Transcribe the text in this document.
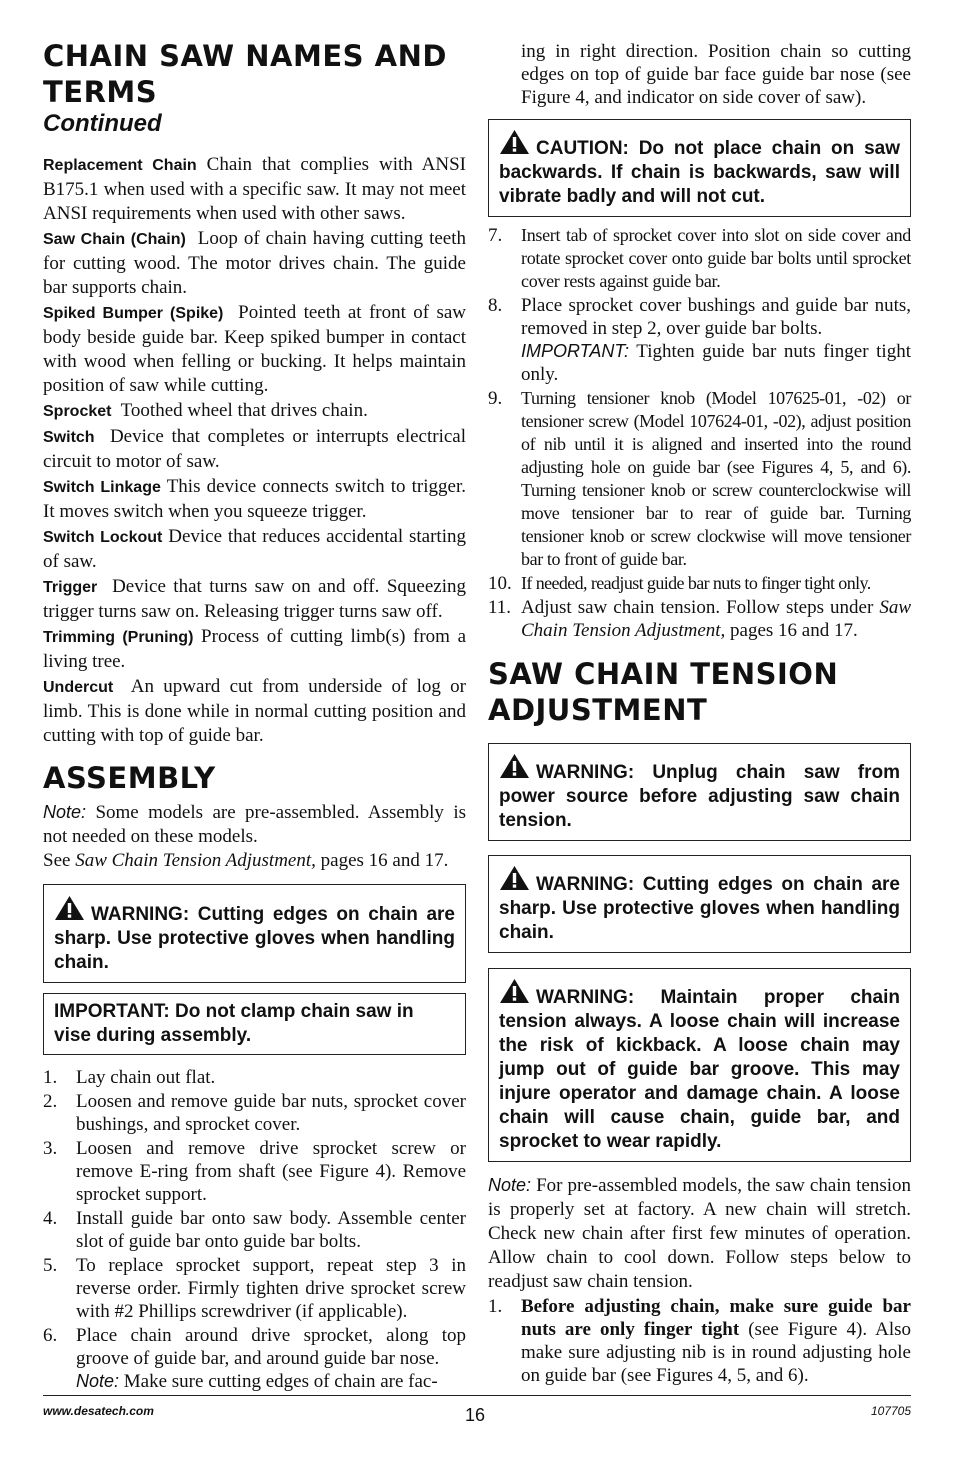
CHAIN SAW NAMES AND TERMS
Continued

Replacement Chain Chain that complies with ANSI B175.1 when used with a specific saw. It may not meet ANSI requirements when used with other saws.

Saw Chain (Chain) Loop of chain having cutting teeth for cutting wood. The motor drives chain. The guide bar supports chain.

Spiked Bumper (Spike) Pointed teeth at front of saw body beside guide bar. Keep spiked bumper in contact with wood when felling or bucking. It helps maintain position of saw while cutting.

Sprocket Toothed wheel that drives chain.

Switch Device that completes or interrupts electrical circuit to motor of saw.

Switch Linkage This device connects switch to trigger. It moves switch when you squeeze trigger.

Switch Lockout Device that reduces accidental starting of saw.

Trigger Device that turns saw on and off. Squeezing trigger turns saw on. Releasing trigger turns saw off.

Trimming (Pruning) Process of cutting limb(s) from a living tree.

Undercut An upward cut from underside of log or limb. This is done while in normal cutting position and cutting with top of guide bar.

ASSEMBLY

Note: Some models are pre-assembled. Assembly is not needed on these models.

See Saw Chain Tension Adjustment, pages 16 and 17.

WARNING: Cutting edges on chain are sharp. Use protective gloves when handling chain.
IMPORTANT: Do not clamp chain saw in vise during assembly.
1. Lay chain out flat.
2. Loosen and remove guide bar nuts, sprocket cover bushings, and sprocket cover.
3. Loosen and remove drive sprocket screw or remove E-ring from shaft (see Figure 4). Remove sprocket support.
4. Install guide bar onto saw body. Assemble center slot of guide bar onto guide bar bolts.
5. To replace sprocket support, repeat step 3 in reverse order. Firmly tighten drive sprocket screw with #2 Phillips screwdriver (if applicable).
6. Place chain around drive sprocket, along top groove of guide bar, and around guide bar nose.
Note: Make sure cutting edges of chain are fac-
ing in right direction. Position chain so cutting edges on top of guide bar face guide bar nose (see Figure 4, and indicator on side cover of saw).
CAUTION: Do not place chain on saw backwards. If chain is backwards, saw will vibrate badly and will not cut.
7. Insert tab of sprocket cover into slot on side cover and rotate sprocket cover onto guide bar bolts until sprocket cover rests against guide bar.
8. Place sprocket cover bushings and guide bar nuts, removed in step 2, over guide bar bolts.
IMPORTANT: Tighten guide bar nuts finger tight only.
9. Turning tensioner knob (Model 107625-01, -02) or tensioner screw (Model 107624-01, -02), adjust position of nib until it is aligned and inserted into the round adjusting hole on guide bar (see Figures 4, 5, and 6). Turning tensioner knob or screw counterclockwise will move tensioner bar to rear of guide bar. Turning tensioner knob or screw clockwise will move tensioner bar to front of guide bar.
10. If needed, readjust guide bar nuts to finger tight only.
11. Adjust saw chain tension. Follow steps under Saw Chain Tension Adjustment, pages 16 and 17.
SAW CHAIN TENSION ADJUSTMENT
WARNING: Unplug chain saw from power source before adjusting saw chain tension.
WARNING: Cutting edges on chain are sharp. Use protective gloves when handling chain.
WARNING: Maintain proper chain tension always. A loose chain will increase the risk of kickback. A loose chain may jump out of guide bar groove. This may injure operator and damage chain. A loose chain will cause chain, guide bar, and sprocket to wear rapidly.

Note: For pre-assembled models, the saw chain tension is properly set at factory. A new chain will stretch. Check new chain after first few minutes of operation. Allow chain to cool down. Follow steps below to readjust saw chain tension.

1. Before adjusting chain, make sure guide bar nuts are only finger tight (see Figure 4). Also make sure adjusting nib is in round adjusting hole on guide bar (see Figures 4, 5, and 6).
www.desatech.com	16	107705
